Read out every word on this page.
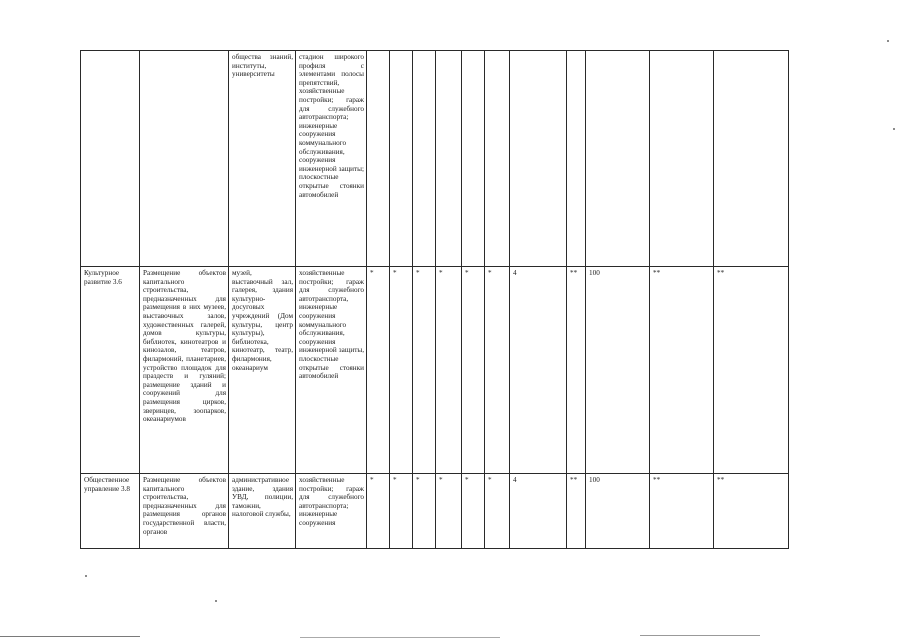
		общества знаний, институты, университеты	стадион широкого профиля с элементами полосы препятствий, хозяйственные постройки; гараж для служебного автотранспорта; инженерные сооружения коммунального обслуживания, сооружения инженерной защиты; плоскостные открытые стоянки автомобилей											
Культурное развитие 3.6	Размещение объектов капитального строительства, предназначенных для размещения в них музеев, выставочных залов, художественных галерей, домов культуры, библиотек, кинотеатров и кинозалов, театров, филармоний, планетариев, устройство площадок для праздеств и гуляний; размещение зданий и сооружений для размещения цирков, зверинцев, зоопарков, океанариумов	музей, выставочный зал, галерея, здания культурно-досуговых учреждений (Дом культуры, центр культуры), библиотека, кинотеатр, театр, филармония, океанариум	хозяйственные постройки; гараж для служебного автотранспорта, инженерные сооружения коммунального обслуживания, сооружения инженерной защиты, плоскостные открытые стоянки автомобилей	*	*	*	*	*	*	4	**	100	**	**
Общественное управление 3.8	Размещение объектов капитального строительства, предназначенных для размещения органов государственной власти, органов	административное здание, здания УВД, полиции, таможни, налоговой службы,	хозяйственные постройки; гараж для служебного автотранспорта; инженерные сооружения	*	*	*	*	*	*	4	**	100	**	**
